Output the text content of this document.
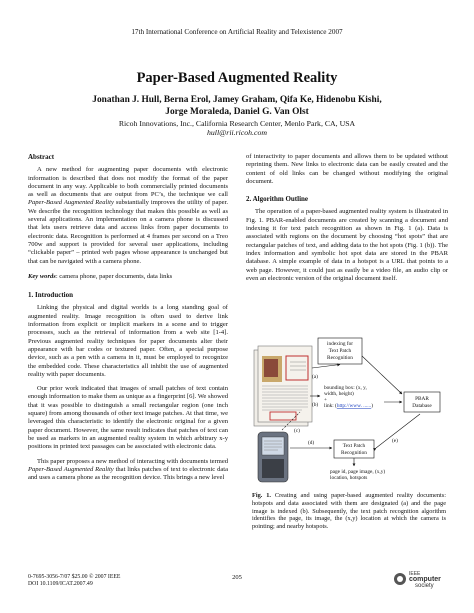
17th International Conference on Artificial Reality and Telexistence 2007
Paper-Based Augmented Reality
Jonathan J. Hull, Berna Erol, Jamey Graham, Qifa Ke, Hidenobu Kishi,
Jorge Moraleda, Daniel G. Van Olst
Ricoh Innovations, Inc., California Research Center, Menlo Park, CA, USA
hull@rii.ricoh.com
Abstract

A new method for augmenting paper documents with electronic information is described that does not modify the format of the paper document in any way. Applicable to both commercially printed documents as well as documents that are output from PC’s, the technique we call Paper-Based Augmented Reality substantially improves the utility of paper. We describe the recognition technology that makes this possible as well as several applications. An implementation on a camera phone is discussed that lets users retrieve data and access links from paper documents to electronic data. Recognition is performed at 4 frames per second on a Treo 700w and support is provided for several user applications, including “clickable paper” – printed web pages whose appearance is unchanged but that can be navigated with a camera phone.

Key words: camera phone, paper documents, data links

1. Introduction

Linking the physical and digital worlds is a long standing goal of augmented reality. Image recognition is often used to derive link information from explicit or implicit markers in a scene and to trigger processes, such as the retrieval of information from a web site [1-4]. Previous augmented reality techniques for paper documents alter their appearance with bar codes or textured paper. Often, a special purpose device, such as a pen with a camera in it, must be employed to recognize the embedded code. These characteristics all inhibit the use of augmented reality with paper documents.

Our prior work indicated that images of small patches of text contain enough information to make them as unique as a fingerprint [6]. We showed that it was possible to distinguish a small rectangular region (one inch square) from among thousands of other text image patches. At that time, we leveraged this characteristic to identify the electronic original for a given paper document. However, the same result indicates that patches of text can be used as markers in an augmented reality system in which arbitrary x-y positions in printed text passages can be associated with electronic data.

This paper proposes a new method of interacting with documents termed Paper-Based Augmented Reality that links patches of text to electronic data and uses a camera phone as the recognition device. This brings a new level

of interactivity to paper documents and allows them to be updated without reprinting them. New links to electronic data can be easily created and the content of old links can be changed without modifying the original document.

2. Algorithm Outline

The operation of a paper-based augmented reality system is illustrated in Fig. 1. PBAR-enabled documents are created by scanning a document and indexing it for text patch recognition as shown in Fig. 1 (a). Data is associated with regions on the document by choosing “hot spots” that are rectangular patches of text, and adding data to the hot spots (Fig. 1 (b)). The index information and symbolic hot spot data are stored in the PBAR database. A simple example of data in a hotspot is a URL that points to a web page. However, it could just as easily be a video file, an audio clip or even an electronic version of the original document itself.

indexing for
Text Patch
Recognition
(a)
(b)
bounding box: (x, y,
width, height)
+
link: (http://www. ......)
PBAR
Database
(c)
(d)	Text Patch
Recognition
(e)
page id, page image, (x,y)
location, hotspots
Fig. 1. Creating and using paper-based augmented reality documents: hotspots and data associated with them are designated (a) and the page image is indexed (b). Subsequently, the text patch recognition algorithm identifies the page, its image, the (x,y) location at which the camera is pointing; and nearby hotspots.
0-7695-3056-7/07 $25.00 © 2007 IEEE
DOI 10.1109/ICAT.2007.49
205	IEEE
computer
society
